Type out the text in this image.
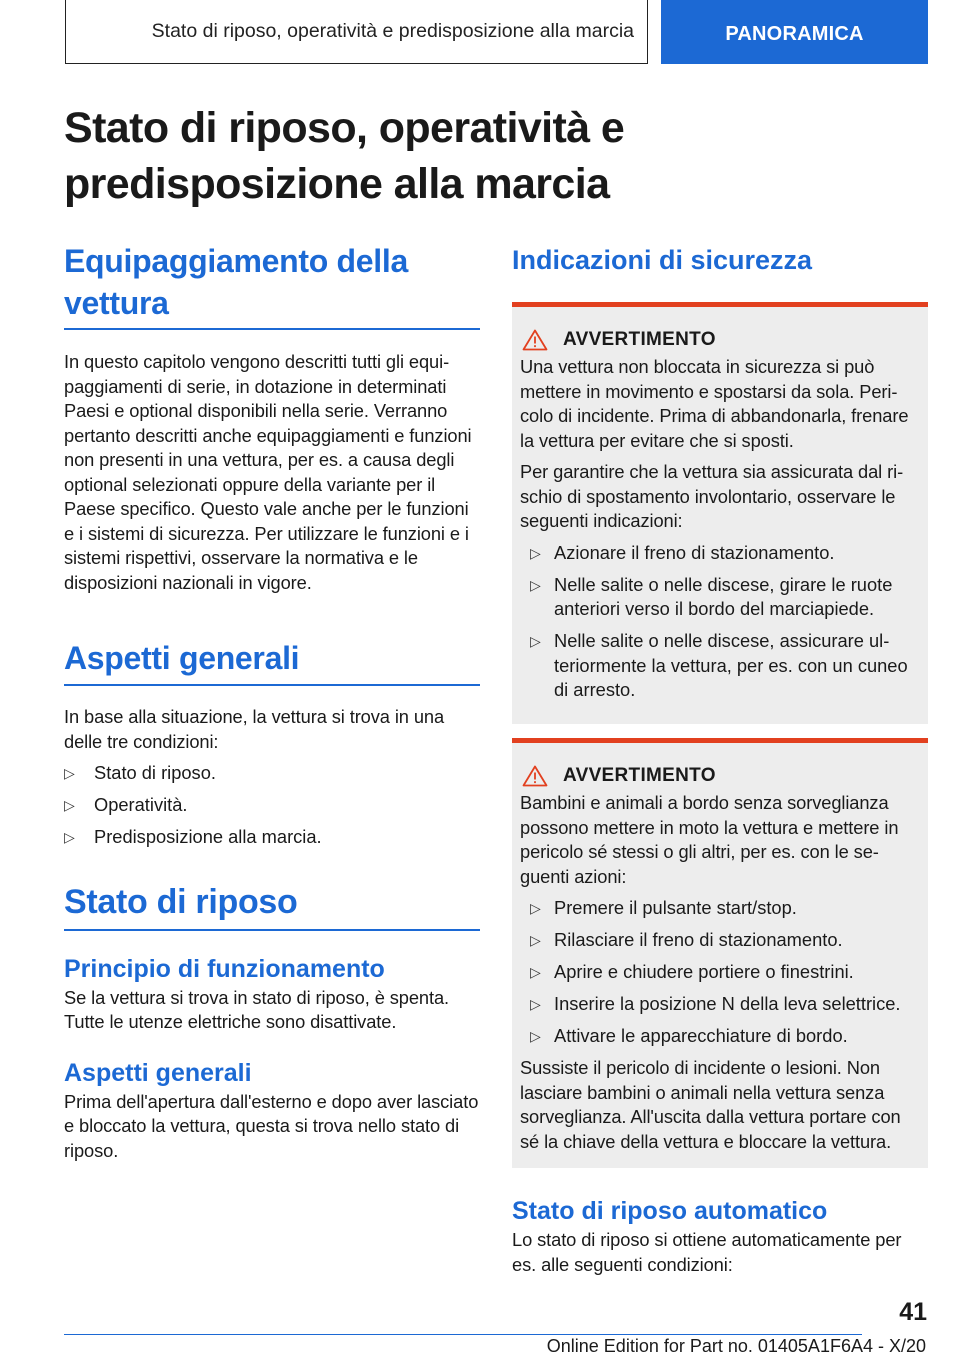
Stato di riposo, operatività e predisposizione alla marcia	PANORAMICA
Stato di riposo, operatività e predisposizione alla marcia
Equipaggiamento della vettura

In questo capitolo vengono descritti tutti gli equipaggiamenti di serie, in dotazione in determinati Paesi e optional disponibili nella serie. Verranno pertanto descritti anche equipaggiamenti e funzioni non presenti in una vettura, per es. a causa degli optional selezionati oppure della variante per il Paese specifico. Questo vale anche per le funzioni e i sistemi di sicurezza. Per utilizzare le funzioni e i sistemi rispettivi, osservare la normativa e le disposizioni nazionali in vigore.

Aspetti generali

In base alla situazione, la vettura si trova in una delle tre condizioni:

▷ Stato di riposo.
▷ Operatività.
▷ Predisposizione alla marcia.
Stato di riposo
Principio di funzionamento

Se la vettura si trova in stato di riposo, è spenta. Tutte le utenze elettriche sono disattivate.

Aspetti generali

Prima dell'apertura dall'esterno e dopo aver lasciato e bloccato la vettura, questa si trova nello stato di riposo.

Indicazioni di sicurezza
AVVERTIMENTO

Una vettura non bloccata in sicurezza si può mettere in movimento e spostarsi da sola. Pericolo di incidente. Prima di abbandonarla, frenare la vettura per evitare che si sposti.

Per garantire che la vettura sia assicurata dal rischio di spostamento involontario, osservare le seguenti indicazioni:

▷ Azionare il freno di stazionamento.
▷ Nelle salite o nelle discese, girare le ruote anteriori verso il bordo del marciapiede.
▷ Nelle salite o nelle discese, assicurare ulteriormente la vettura, per es. con un cuneo di arresto.
AVVERTIMENTO

Bambini e animali a bordo senza sorveglianza possono mettere in moto la vettura e mettere in pericolo sé stessi o gli altri, per es. con le seguenti azioni:

▷ Premere il pulsante start/stop.
▷ Rilasciare il freno di stazionamento.
▷ Aprire e chiudere portiere o finestrini.
▷ Inserire la posizione N della leva selettrice.
▷ Attivare le apparecchiature di bordo.

Sussiste il pericolo di incidente o lesioni. Non lasciare bambini o animali nella vettura senza sorveglianza. All'uscita dalla vettura portare con sé la chiave della vettura e bloccare la vettura.

Stato di riposo automatico

Lo stato di riposo si ottiene automaticamente per es. alle seguenti condizioni:

41
Online Edition for Part no. 01405A1F6A4 - X/20
